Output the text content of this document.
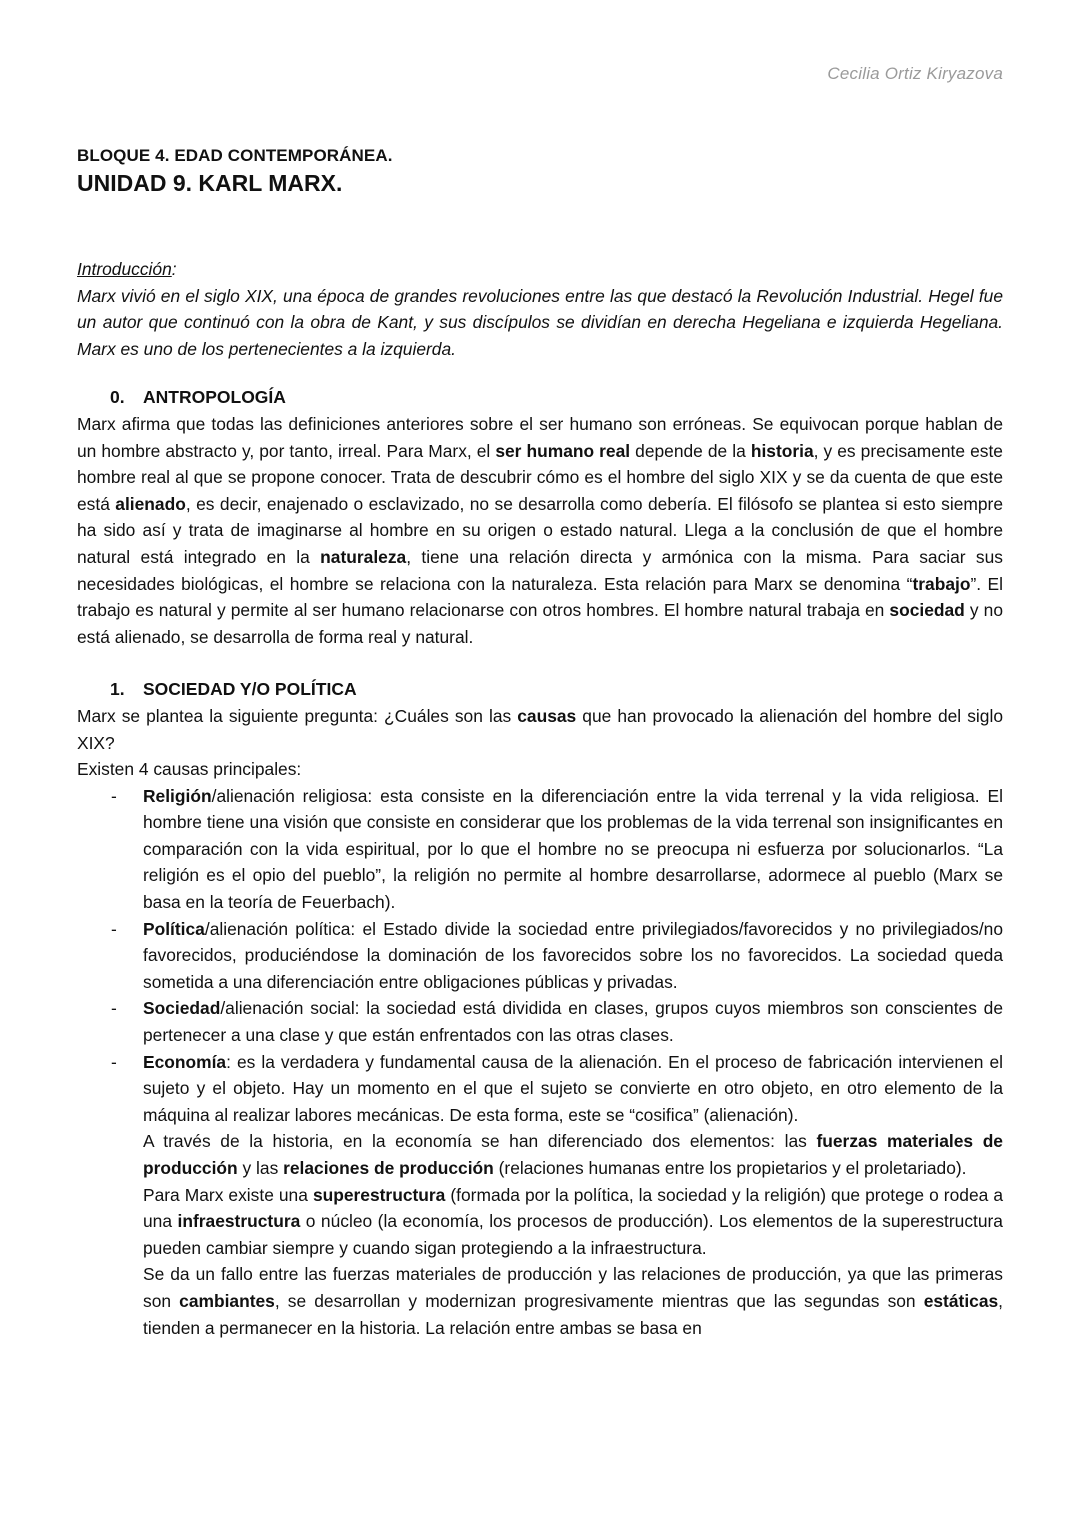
Cecilia Ortiz Kiryazova
BLOQUE 4. EDAD CONTEMPORÁNEA.
UNIDAD 9. KARL MARX.
Introducción:

Marx vivió en el siglo XIX, una época de grandes revoluciones entre las que destacó la Revolución Industrial. Hegel fue un autor que continuó con la obra de Kant, y sus discípulos se dividían en derecha Hegeliana e izquierda Hegeliana. Marx es uno de los pertenecientes a la izquierda.

0. ANTROPOLOGÍA

Marx afirma que todas las definiciones anteriores sobre el ser humano son erróneas. Se equivocan porque hablan de un hombre abstracto y, por tanto, irreal. Para Marx, el ser humano real depende de la historia, y es precisamente este hombre real al que se propone conocer. Trata de descubrir cómo es el hombre del siglo XIX y se da cuenta de que este está alienado, es decir, enajenado o esclavizado, no se desarrolla como debería. El filósofo se plantea si esto siempre ha sido así y trata de imaginarse al hombre en su origen o estado natural. Llega a la conclusión de que el hombre natural está integrado en la naturaleza, tiene una relación directa y armónica con la misma. Para saciar sus necesidades biológicas, el hombre se relaciona con la naturaleza. Esta relación para Marx se denomina “trabajo”. El trabajo es natural y permite al ser humano relacionarse con otros hombres. El hombre natural trabaja en sociedad y no está alienado, se desarrolla de forma real y natural.

1. SOCIEDAD Y/O POLÍTICA

Marx se plantea la siguiente pregunta: ¿Cuáles son las causas que han provocado la alienación del hombre del siglo XIX?

Existen 4 causas principales:

- Religión/alienación religiosa: esta consiste en la diferenciación entre la vida terrenal y la vida religiosa. El hombre tiene una visión que consiste en considerar que los problemas de la vida terrenal son insignificantes en comparación con la vida espiritual, por lo que el hombre no se preocupa ni esfuerza por solucionarlos. “La religión es el opio del pueblo”, la religión no permite al hombre desarrollarse, adormece al pueblo (Marx se basa en la teoría de Feuerbach).

- Política/alienación política: el Estado divide la sociedad entre privilegiados/favorecidos y no privilegiados/no favorecidos, produciéndose la dominación de los favorecidos sobre los no favorecidos. La sociedad queda sometida a una diferenciación entre obligaciones públicas y privadas.

- Sociedad/alienación social: la sociedad está dividida en clases, grupos cuyos miembros son conscientes de pertenecer a una clase y que están enfrentados con las otras clases.

- Economía: es la verdadera y fundamental causa de la alienación. En el proceso de fabricación intervienen el sujeto y el objeto. Hay un momento en el que el sujeto se convierte en otro objeto, en otro elemento de la máquina al realizar labores mecánicas. De esta forma, este se “cosifica” (alienación).

A través de la historia, en la economía se han diferenciado dos elementos: las fuerzas materiales de producción y las relaciones de producción (relaciones humanas entre los propietarios y el proletariado).

Para Marx existe una superestructura (formada por la política, la sociedad y la religión) que protege o rodea a una infraestructura o núcleo (la economía, los procesos de producción). Los elementos de la superestructura pueden cambiar siempre y cuando sigan protegiendo a la infraestructura.

Se da un fallo entre las fuerzas materiales de producción y las relaciones de producción, ya que las primeras son cambiantes, se desarrollan y modernizan progresivamente mientras que las segundas son estáticas, tienden a permanecer en la historia. La relación entre ambas se basa en
